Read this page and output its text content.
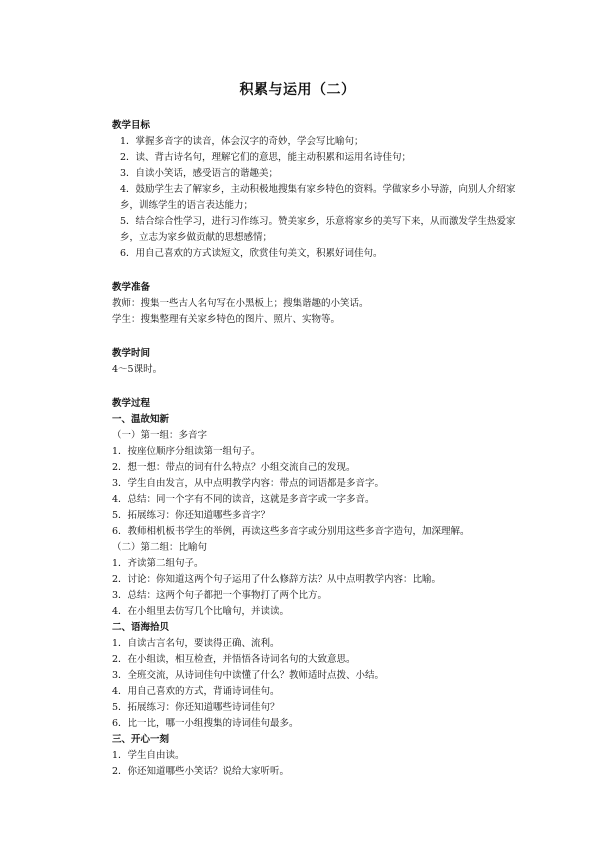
积累与运用（二）
教学目标
1．掌握多音字的读音，体会汉字的奇妙，学会写比喻句；
2．读、背古诗名句，理解它们的意思，能主动积累和运用名诗佳句；
3．自读小笑话，感受语言的谐趣美；
4．鼓励学生去了解家乡，主动积极地搜集有家乡特色的资料。学做家乡小导游，向别人介绍家乡，训练学生的语言表达能力；
5．结合综合性学习，进行习作练习。赞美家乡，乐意将家乡的美写下来，从而激发学生热爱家乡，立志为家乡做贡献的思想感情；
6．用自己喜欢的方式读短文，欣赏佳句美文，积累好词佳句。
教学准备
教师：搜集一些古人名句写在小黑板上；搜集谐趣的小笑话。
学生：搜集整理有关家乡特色的图片、照片、实物等。
教学时间
4～5课时。
教学过程
一、温故知新
（一）第一组：多音字
1．按座位顺序分组读第一组句子。
2．想一想：带点的词有什么特点？小组交流自己的发现。
3．学生自由发言，从中点明教学内容：带点的词语都是多音字。
4．总结：同一个字有不同的读音，这就是多音字或一字多音。
5．拓展练习：你还知道哪些多音字？
6．教师相机板书学生的举例，再读这些多音字或分别用这些多音字造句，加深理解。
（二）第二组：比喻句
1．齐读第二组句子。
2．讨论：你知道这两个句子运用了什么修辞方法？从中点明教学内容：比喻。
3．总结：这两个句子都把一个事物打了两个比方。
4．在小组里去仿写几个比喻句，并读读。
二、语海拾贝
1．自读古言名句，要读得正确、流利。
2．在小组读，相互检查，并悟悟各诗词名句的大致意思。
3．全班交流，从诗词佳句中读懂了什么？教师适时点拨、小结。
4．用自己喜欢的方式，背诵诗词佳句。
5．拓展练习：你还知道哪些诗词佳句？
6．比一比，哪一小组搜集的诗词佳句最多。
三、开心一刻
1．学生自由读。
2．你还知道哪些小笑话？说给大家听听。
